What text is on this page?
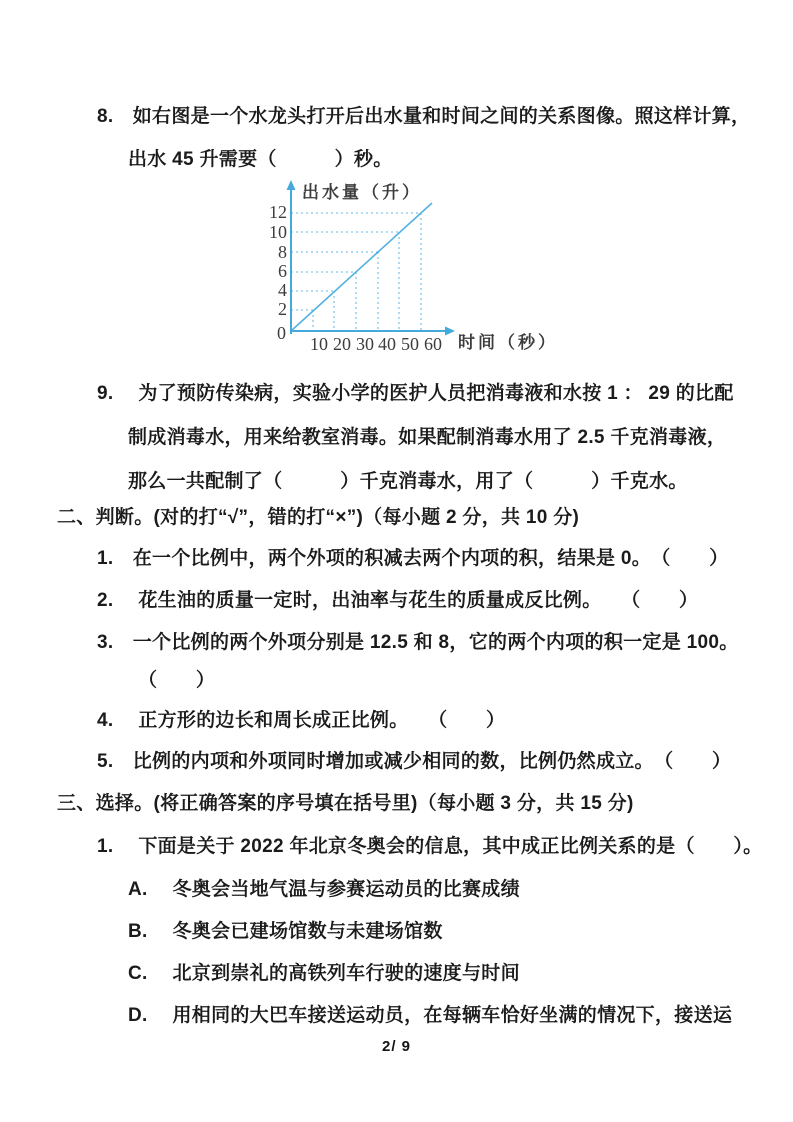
8.　如右图是一个水龙头打开后出水量和时间之间的关系图像。照这样计算，
出水 45 升需要（　　　）秒。
12
10
8
6
4
2
0
10 20 30 40 50 60
出水量（升）
时间（秒）
9.　 为了预防传染病，实验小学的医护人员把消毒液和水按 1 ： 29 的比配
制成消毒水，用来给教室消毒。如果配制消毒水用了 2.5 千克消毒液，
那么一共配制了（　　　）千克消毒水，用了（　　　）千克水。
二、判断。(对的打“√”，错的打“×”)（每小题 2 分，共 10 分)
1.　在一个比例中，两个外项的积减去两个内项的积，结果是 0。　（　　）
2.　 花生油的质量一定时，出油率与花生的质量成反比例。　　（　　）
3.　一个比例的两个外项分别是 12.5 和 8，它的两个内项的积一定是 100。
（　　）
4.　 正方形的边长和周长成正比例。　　（　　）
5.　比例的内项和外项同时增加或减少相同的数，比例仍然成立。　（　　）
三、选择。(将正确答案的序号填在括号里)（每小题 3 分，共 15 分)
1.　 下面是关于 2022 年北京冬奥会的信息，其中成正比例关系的是（　　）。
A.　 冬奥会当地气温与参赛运动员的比赛成绩
B.　 冬奥会已建场馆数与未建场馆数
C.　 北京到崇礼的高铁列车行驶的速度与时间
D.　 用相同的大巴车接送运动员，在每辆车恰好坐满的情况下，接送运
2/ 9
